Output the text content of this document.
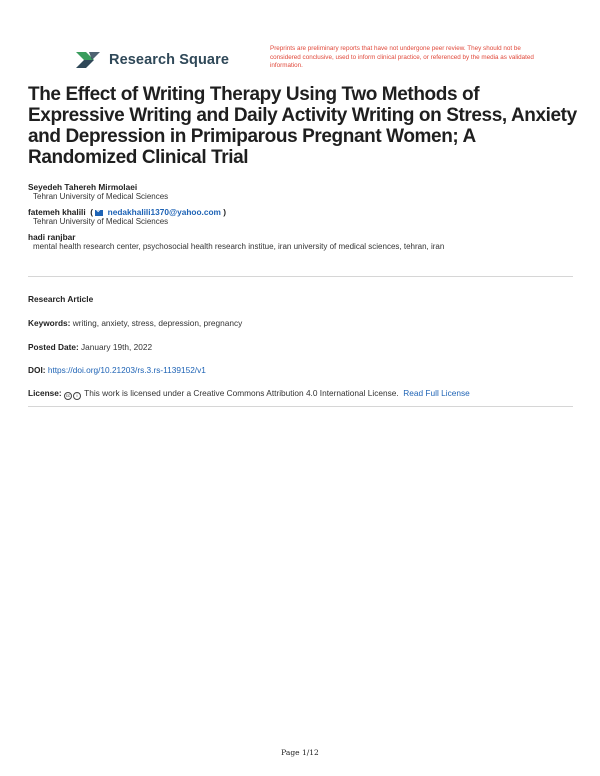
Research Square
Preprints are preliminary reports that have not undergone peer review. They should not be considered conclusive, used to inform clinical practice, or referenced by the media as validated information.
The Effect of Writing Therapy Using Two Methods of Expressive Writing and Daily Activity Writing on Stress, Anxiety and Depression in Primiparous Pregnant Women; A Randomized Clinical Trial
Seyedeh Tahereh Mirmolaei
Tehran University of Medical Sciences
fatemeh khalili  ( nedakhalili1370@yahoo.com )
Tehran University of Medical Sciences
hadi ranjbar
mental health research center, psychosocial health research institue, iran university of medical sciences, tehran, iran
Research Article
Keywords: writing, anxiety, stress, depression, pregnancy
Posted Date: January 19th, 2022
DOI: https://doi.org/10.21203/rs.3.rs-1139152/v1
License: cc i This work is licensed under a Creative Commons Attribution 4.0 International License. Read Full License
Page 1/12
